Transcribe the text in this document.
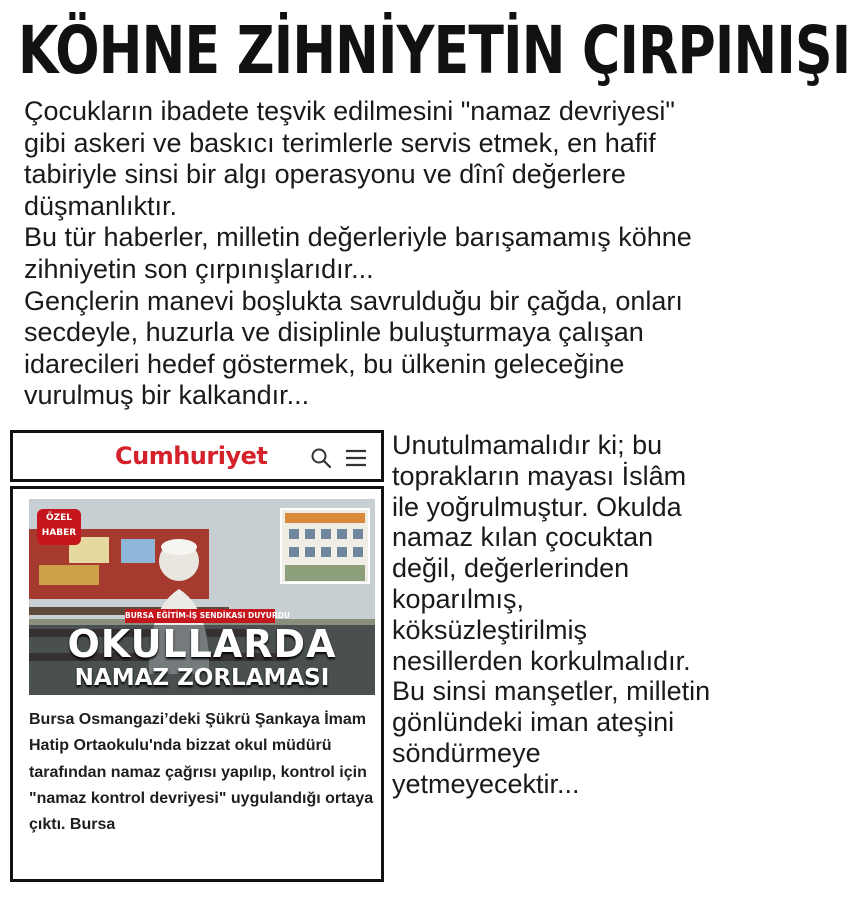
KÖHNE ZİHNİYETİN ÇIRPINIŞI

Çocukların ibadete teşvik edilmesini "namaz devriyesi" gibi askeri ve baskıcı terimlerle servis etmek, en hafif tabiriyle sinsi bir algı operasyonu ve dînî değerlere düşmanlıktır.

Bu tür haberler, milletin değerleriyle barışamamış köhne zihniyetin son çırpınışlarıdır...

Gençlerin manevi boşlukta savrulduğu bir çağda, onları secdeyle, huzurla ve disiplinle buluşturmaya çalışan idarecileri hedef göstermek, bu ülkenin geleceğine vurulmuş bir kalkandır...

Cumhuriyet
ÖZEL
HABER
BURSA EĞİTİM-İŞ SENDİKASI DUYURDU
OKULLARDA
NAMAZ ZORLAMASI
Bursa Osmangazi’deki Şükrü Şankaya İmam Hatip Ortaokulu'nda bizzat okul müdürü tarafından namaz çağrısı yapılıp, kontrol için "namaz kontrol devriyesi" uygulandığı ortaya çıktı. Bursa
Unutulmamalıdır ki; bu toprakların mayası İslâm ile yoğrulmuştur. Okulda namaz kılan çocuktan değil, değerlerinden koparılmış, köksüzleştirilmiş nesillerden korkulmalıdır. Bu sinsi manşetler, milletin gönlündeki iman ateşini söndürmeye yetmeyecektir...
